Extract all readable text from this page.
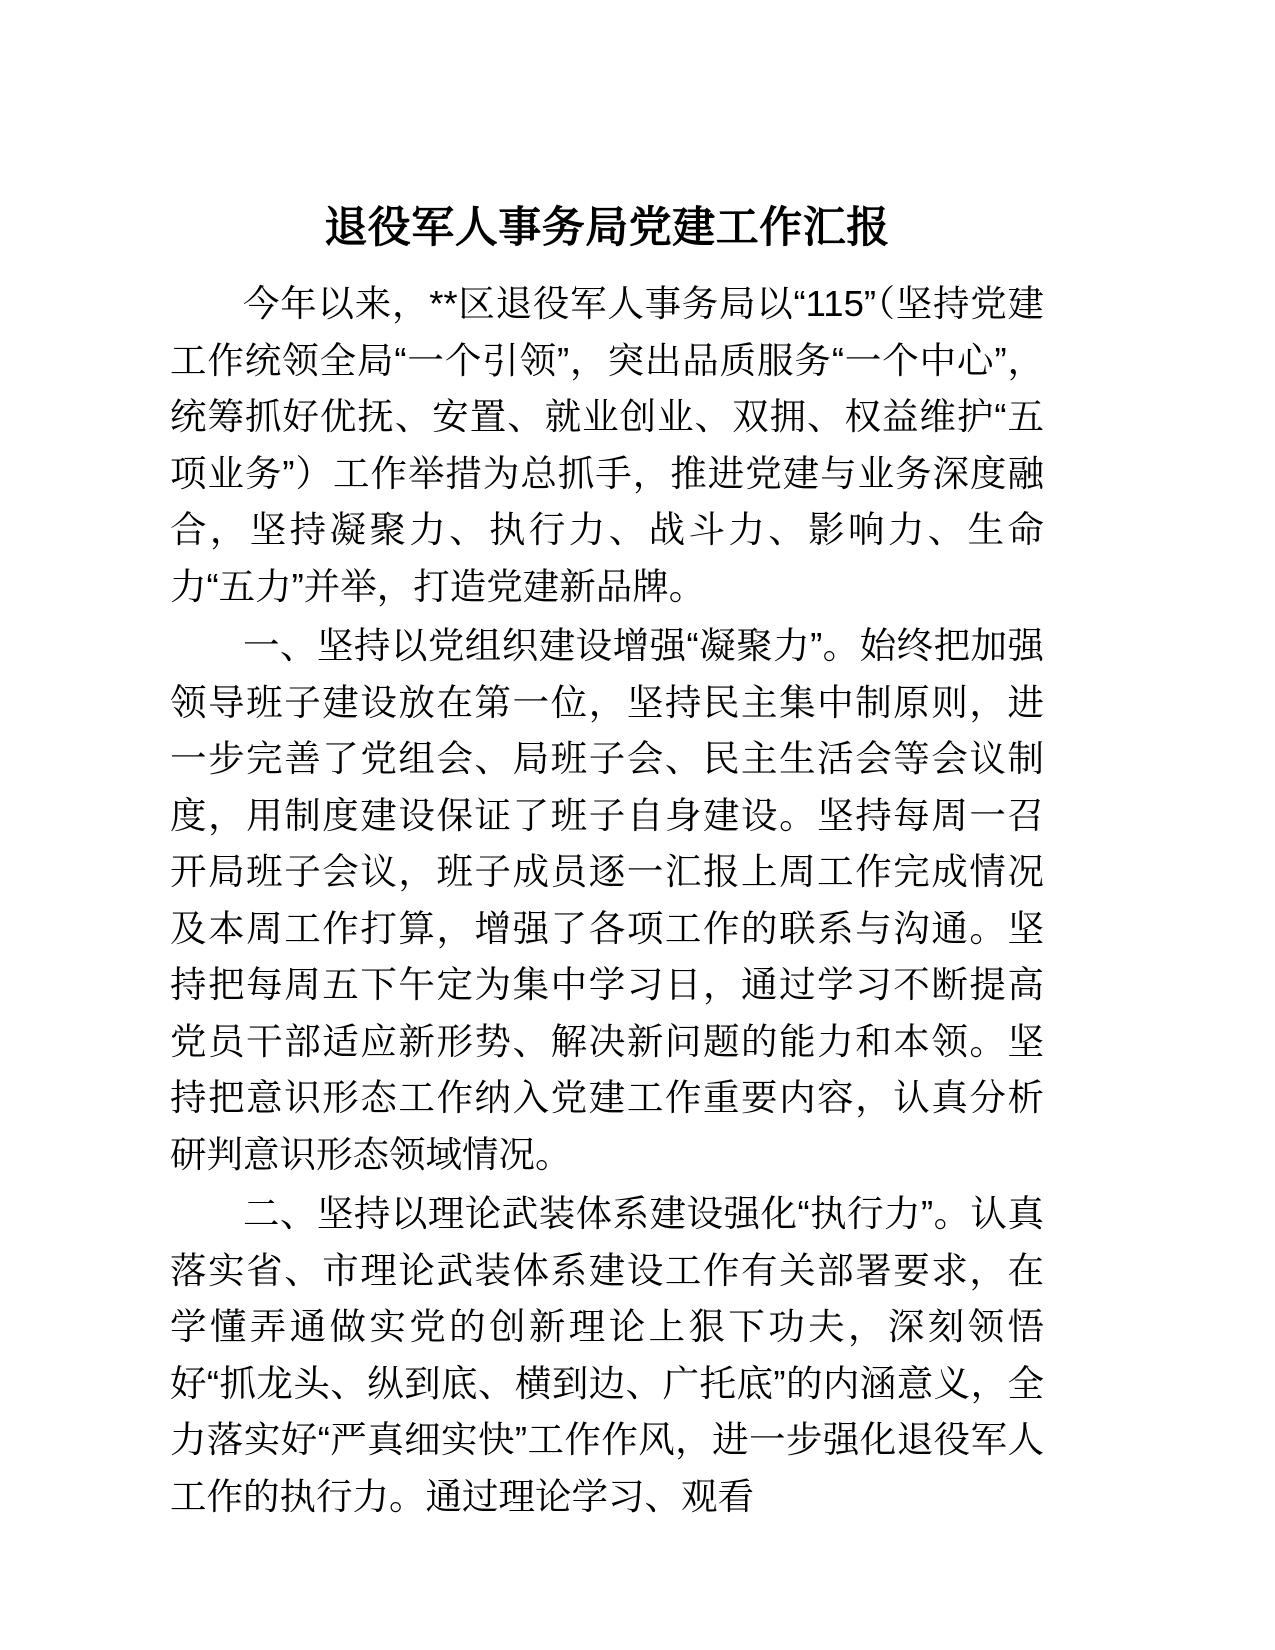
退役军人事务局党建工作汇报

今年以来，**区退役军人事务局以“115”（坚持党建工作统领全局“一个引领”，突出品质服务“一个中心”，统筹抓好优抚、安置、就业创业、双拥、权益维护“五项业务”）工作举措为总抓手，推进党建与业务深度融合，坚持凝聚力、执行力、战斗力、影响力、生命力“五力”并举，打造党建新品牌。

一、坚持以党组织建设增强“凝聚力”。始终把加强领导班子建设放在第一位，坚持民主集中制原则，进一步完善了党组会、局班子会、民主生活会等会议制度，用制度建设保证了班子自身建设。坚持每周一召开局班子会议，班子成员逐一汇报上周工作完成情况及本周工作打算，增强了各项工作的联系与沟通。坚持把每周五下午定为集中学习日，通过学习不断提高党员干部适应新形势、解决新问题的能力和本领。坚持把意识形态工作纳入党建工作重要内容，认真分析研判意识形态领域情况。

二、坚持以理论武装体系建设强化“执行力”。认真落实省、市理论武装体系建设工作有关部署要求，在学懂弄通做实党的创新理论上狠下功夫，深刻领悟好“抓龙头、纵到底、横到边、广托底”的内涵意义，全力落实好“严真细实快”工作作风，进一步强化退役军人工作的执行力。通过理论学习、观看
